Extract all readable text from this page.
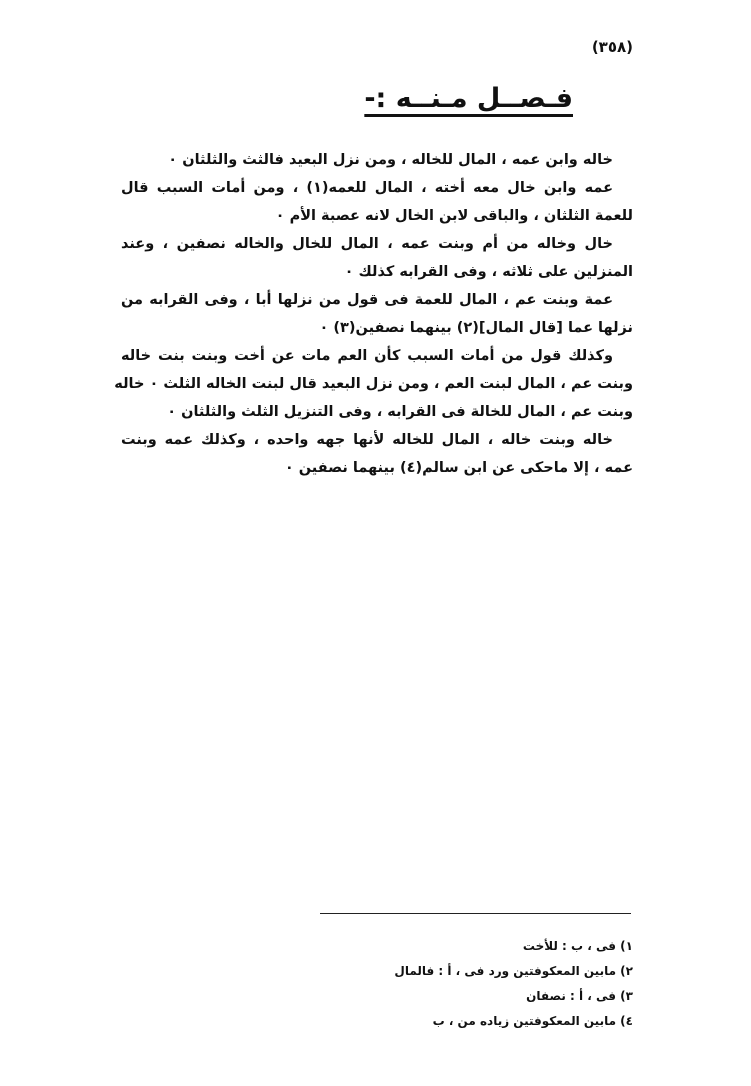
(٣٥٨)
فـصــل مـنــه :-
خاله وابن عمه ، المال للخاله ، ومن نزل البعيد فالثث والثلثان ٠
عمه وابن خال معه أخته ، المال للعمه(١) ، ومن أمات السبب قال
للعمة الثلثان ، والباقى لابن الخال لانه عصبة الأم ٠
خال وخاله من أم وبنت عمه ، المال للخال والخاله نصفين ، وعند
المنزلين على ثلاثه ، وفى القرابه كذلك ٠
عمة وبنت عم ، المال للعمة فى قول من نزلها أبا ، وفى القرابه من
نزلها عما [قال المال](٢) بينهما نصفين(٣) ٠
وكذلك قول من أمات السبب كأن العم مات عن أخت وبنت بنت خاله
وبنت عم ، المال لبنت العم ، ومن نزل البعيد قال لبنت الخاله الثلث ٠ خاله
وبنت عم ، المال للخالة فى القرابه ، وفى التنزيل الثلث والثلثان ٠
خاله وبنت خاله ، المال للخاله لأنها جهه واحده ، وكذلك عمه وبنت
عمه ، إلا ماحكى عن ابن سالم(٤) بينهما نصفين ٠
١) فى ، ب : للأخت
٢) مابين المعكوفتين ورد فى ، أ : فالمال
٣) فى ، أ : نصفان
٤) مابين المعكوفتين زياده من ، ب
